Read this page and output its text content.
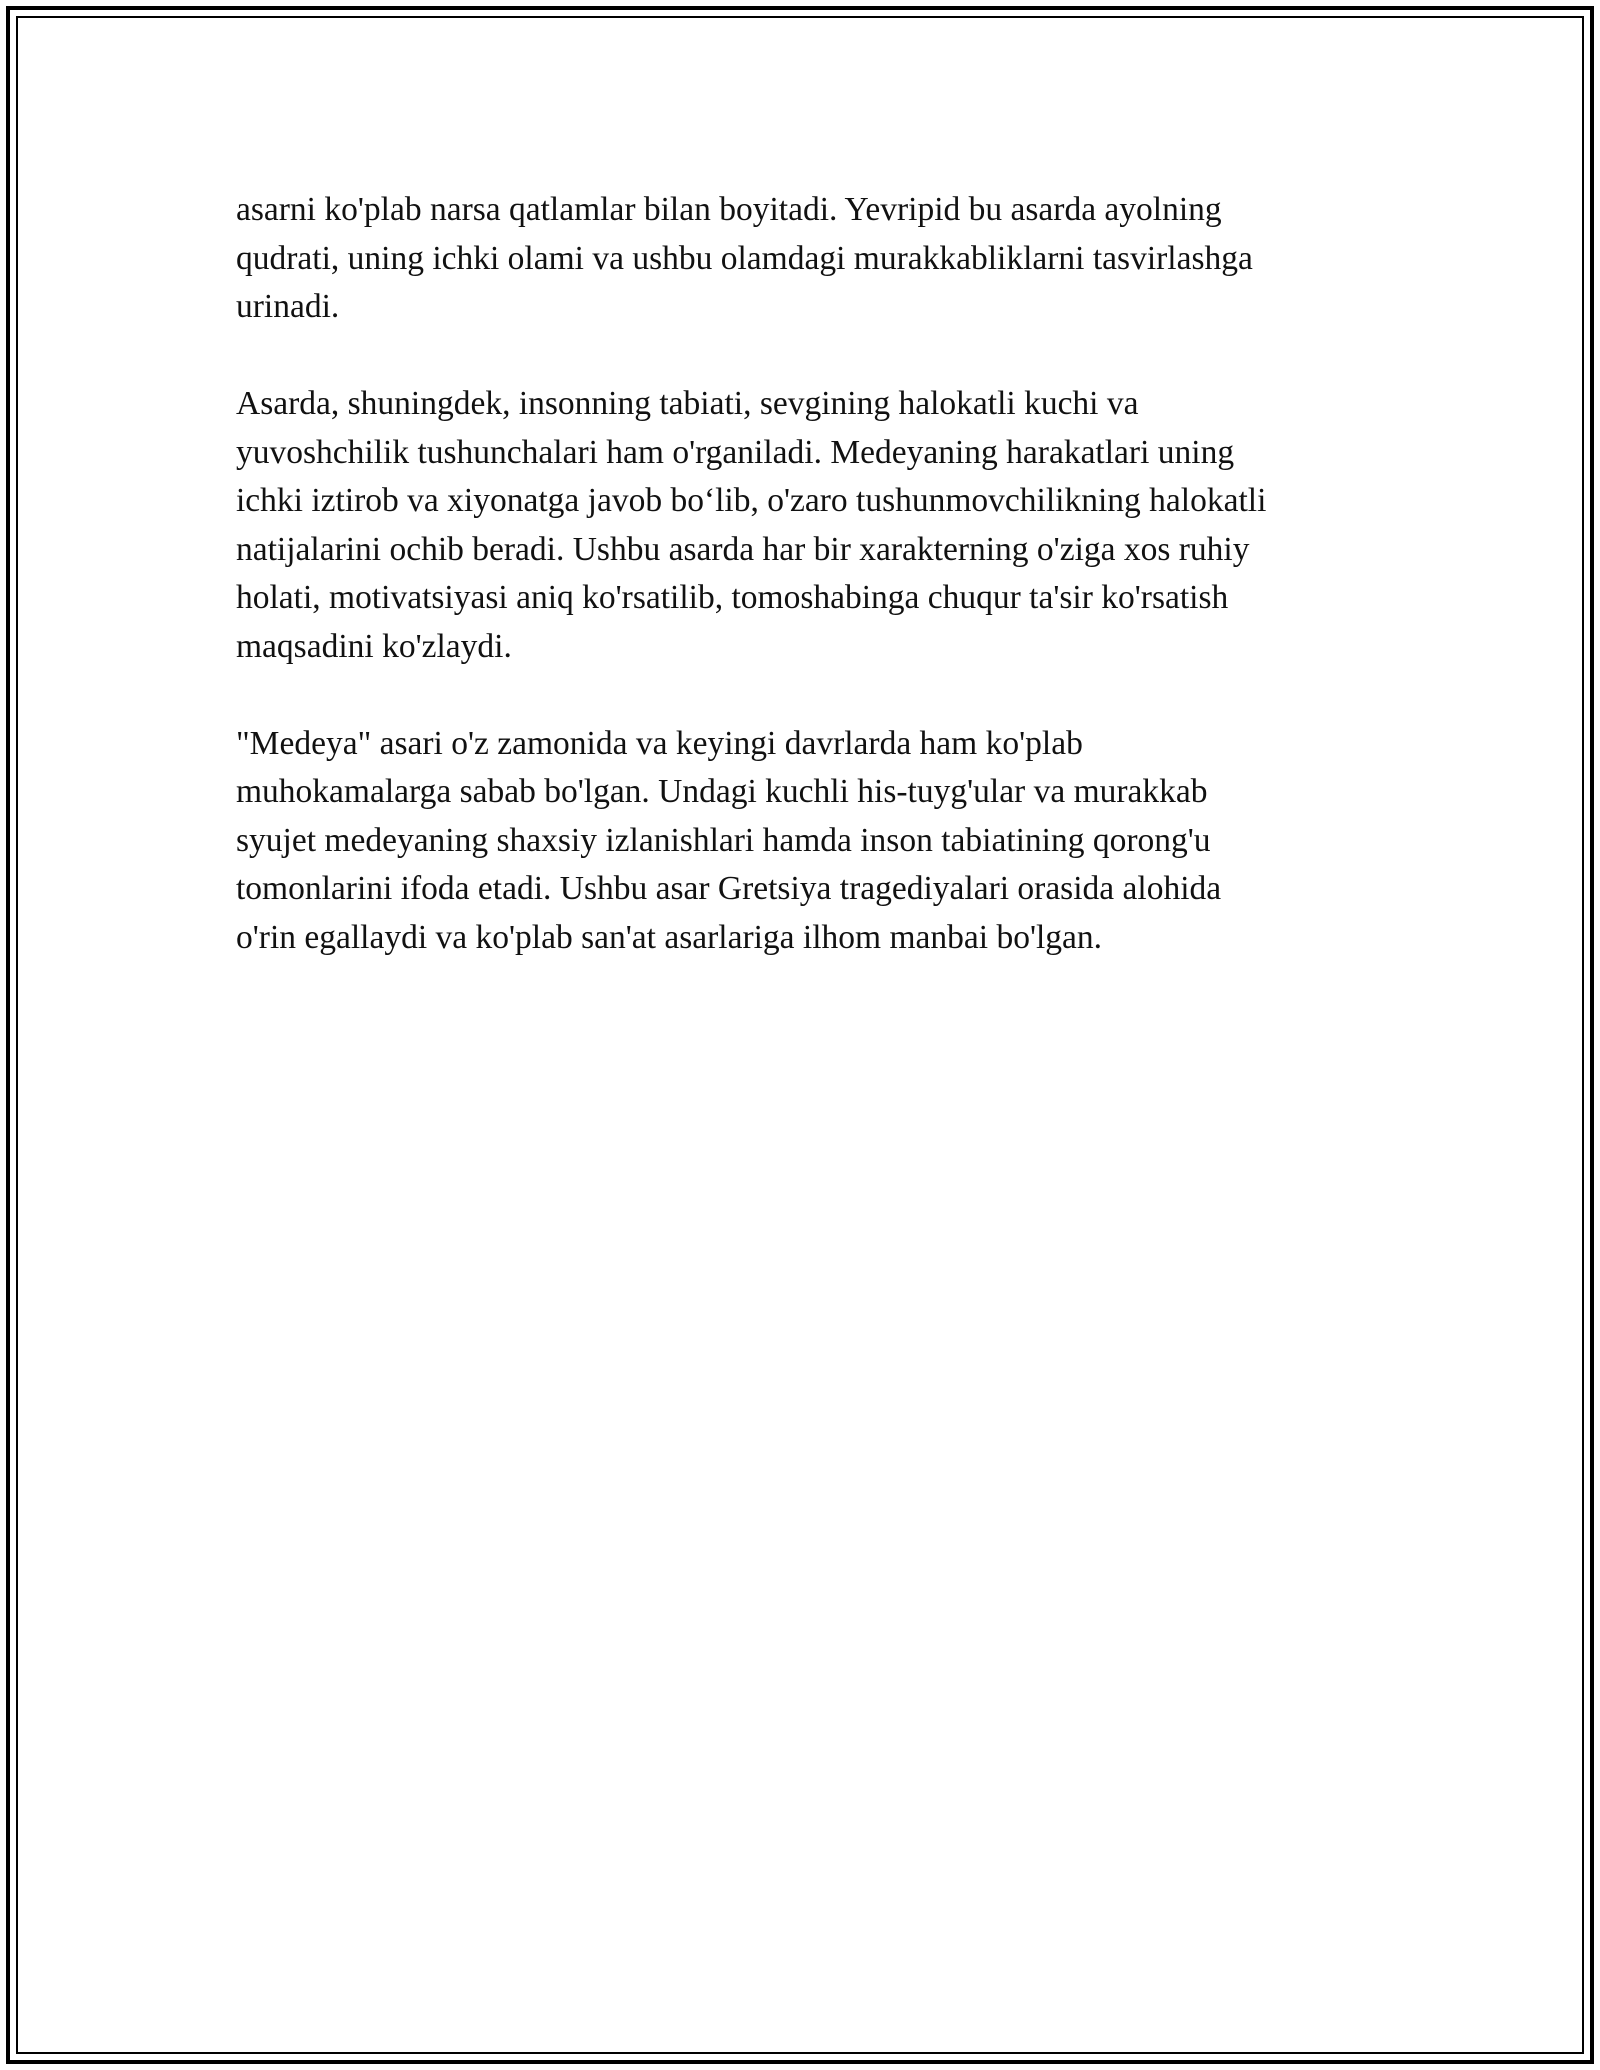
asarni ko'plab narsa qatlamlar bilan boyitadi. Yevripid bu asarda ayolning
qudrati, uning ichki olami va ushbu olamdagi murakkabliklarni tasvirlashga
urinadi.

Asarda, shuningdek, insonning tabiati, sevgining halokatli kuchi va
yuvoshchilik tushunchalari ham o'rganiladi. Medeyaning harakatlari uning
ichki iztirob va xiyonatga javob bo‘lib, o'zaro tushunmovchilikning halokatli
natijalarini ochib beradi. Ushbu asarda har bir xarakterning o'ziga xos ruhiy
holati, motivatsiyasi aniq ko'rsatilib, tomoshabinga chuqur ta'sir ko'rsatish
maqsadini ko'zlaydi.

"Medeya" asari o'z zamonida va keyingi davrlarda ham ko'plab
muhokamalarga sabab bo'lgan. Undagi kuchli his-tuyg'ular va murakkab
syujet medeyaning shaxsiy izlanishlari hamda inson tabiatining qorong'u
tomonlarini ifoda etadi. Ushbu asar Gretsiya tragediyalari orasida alohida
o'rin egallaydi va ko'plab san'at asarlariga ilhom manbai bo'lgan.
